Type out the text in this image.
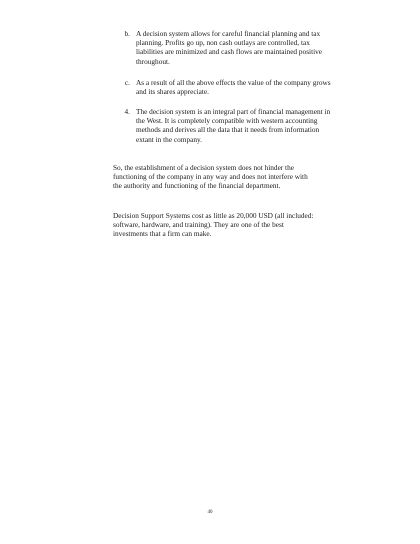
b. A decision system allows for careful financial planning and tax planning. Profits go up, non cash outlays are controlled, tax liabilities are minimized and cash flows are maintained positive throughout.

c. As a result of all the above effects the value of the company grows and its shares appreciate.

4. The decision system is an integral part of financial management in the West. It is completely compatible with western accounting methods and derives all the data that it needs from information extant in the company.

So, the establishment of a decision system does not hinder the functioning of the company in any way and does not interfere with the authority and functioning of the financial department.

Decision Support Systems cost as little as 20,000 USD (all included: software, hardware, and training). They are one of the best investments that a firm can make.

40
